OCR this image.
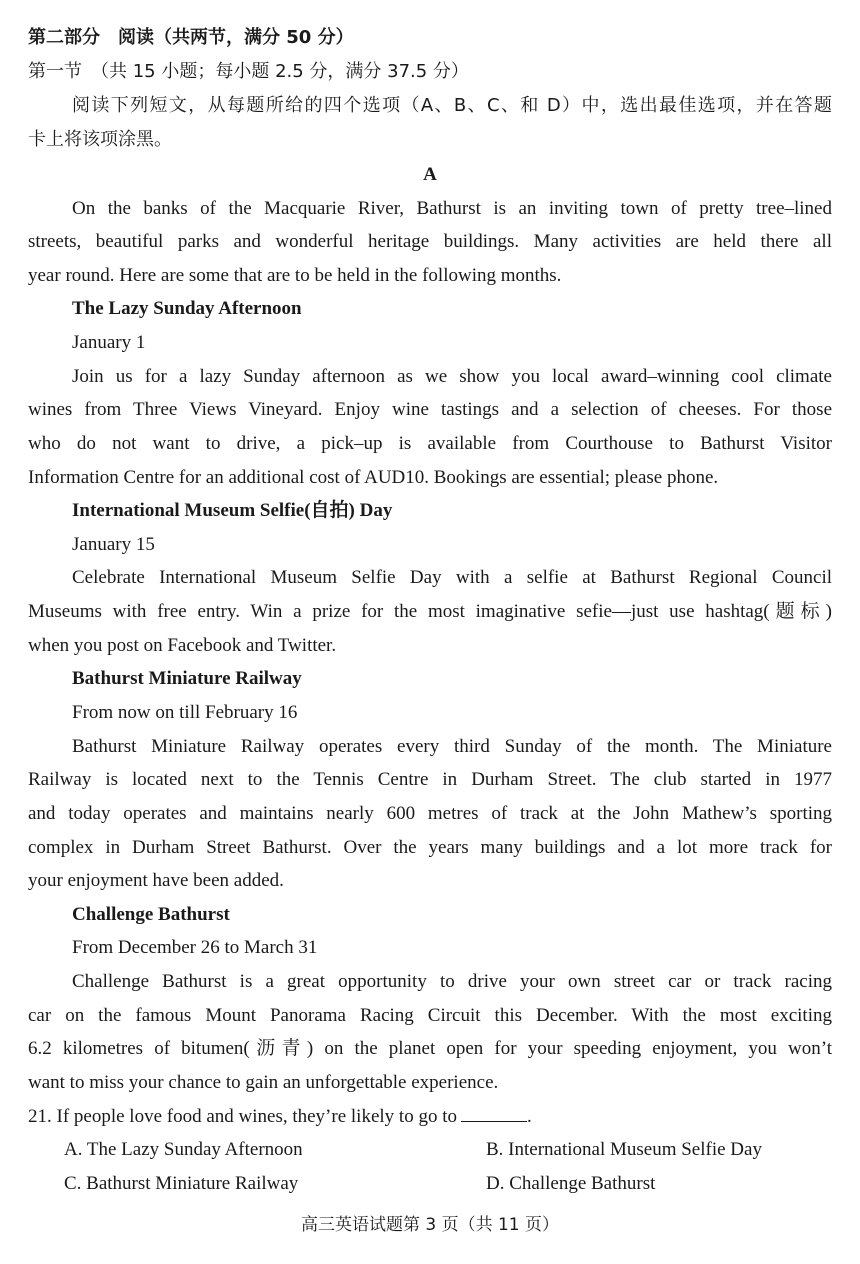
第二部分　阅读（共两节，满分 50 分）
第一节　（共 15 小题；每小题 2.5 分，满分 37.5 分）
阅读下列短文，从每题所给的四个选项（A、B、C、和 D）中，选出最佳选项，并在答题
卡上将该项涂黑。
A
On the banks of the Macquarie River, Bathurst is an inviting town of pretty tree–lined
streets, beautiful parks and wonderful heritage buildings. Many activities are held there all
year round. Here are some that are to be held in the following months.
The Lazy Sunday Afternoon
January 1
Join us for a lazy Sunday afternoon as we show you local award–winning cool climate
wines from Three Views Vineyard. Enjoy wine tastings and a selection of cheeses. For those
who do not want to drive, a pick–up is available from Courthouse to Bathurst Visitor
Information Centre for an additional cost of AUD10. Bookings are essential; please phone.
International Museum Selfie(自拍) Day
January 15
Celebrate International Museum Selfie Day with a selfie at Bathurst Regional Council
Museums with free entry. Win a prize for the most imaginative sefie—just use hashtag(题标)
when you post on Facebook and Twitter.
Bathurst Miniature Railway
From now on till February 16
Bathurst Miniature Railway operates every third Sunday of the month. The Miniature
Railway is located next to the Tennis Centre in Durham Street. The club started in 1977
and today operates and maintains nearly 600 metres of track at the John Mathew’s sporting
complex in Durham Street Bathurst. Over the years many buildings and a lot more track for
your enjoyment have been added.
Challenge Bathurst
From December 26 to March 31
Challenge Bathurst is a great opportunity to drive your own street car or track racing
car on the famous Mount Panorama Racing Circuit this December. With the most exciting
6.2 kilometres of bitumen(沥青) on the planet open for your speeding enjoyment, you won’t
want to miss your chance to gain an unforgettable experience.
21. If people love food and wines, they’re likely to go to	.
A. The Lazy Sunday Afternoon	B. International Museum Selfie Day
C. Bathurst Miniature Railway	D. Challenge Bathurst
高三英语试题第 3 页（共 11 页）
